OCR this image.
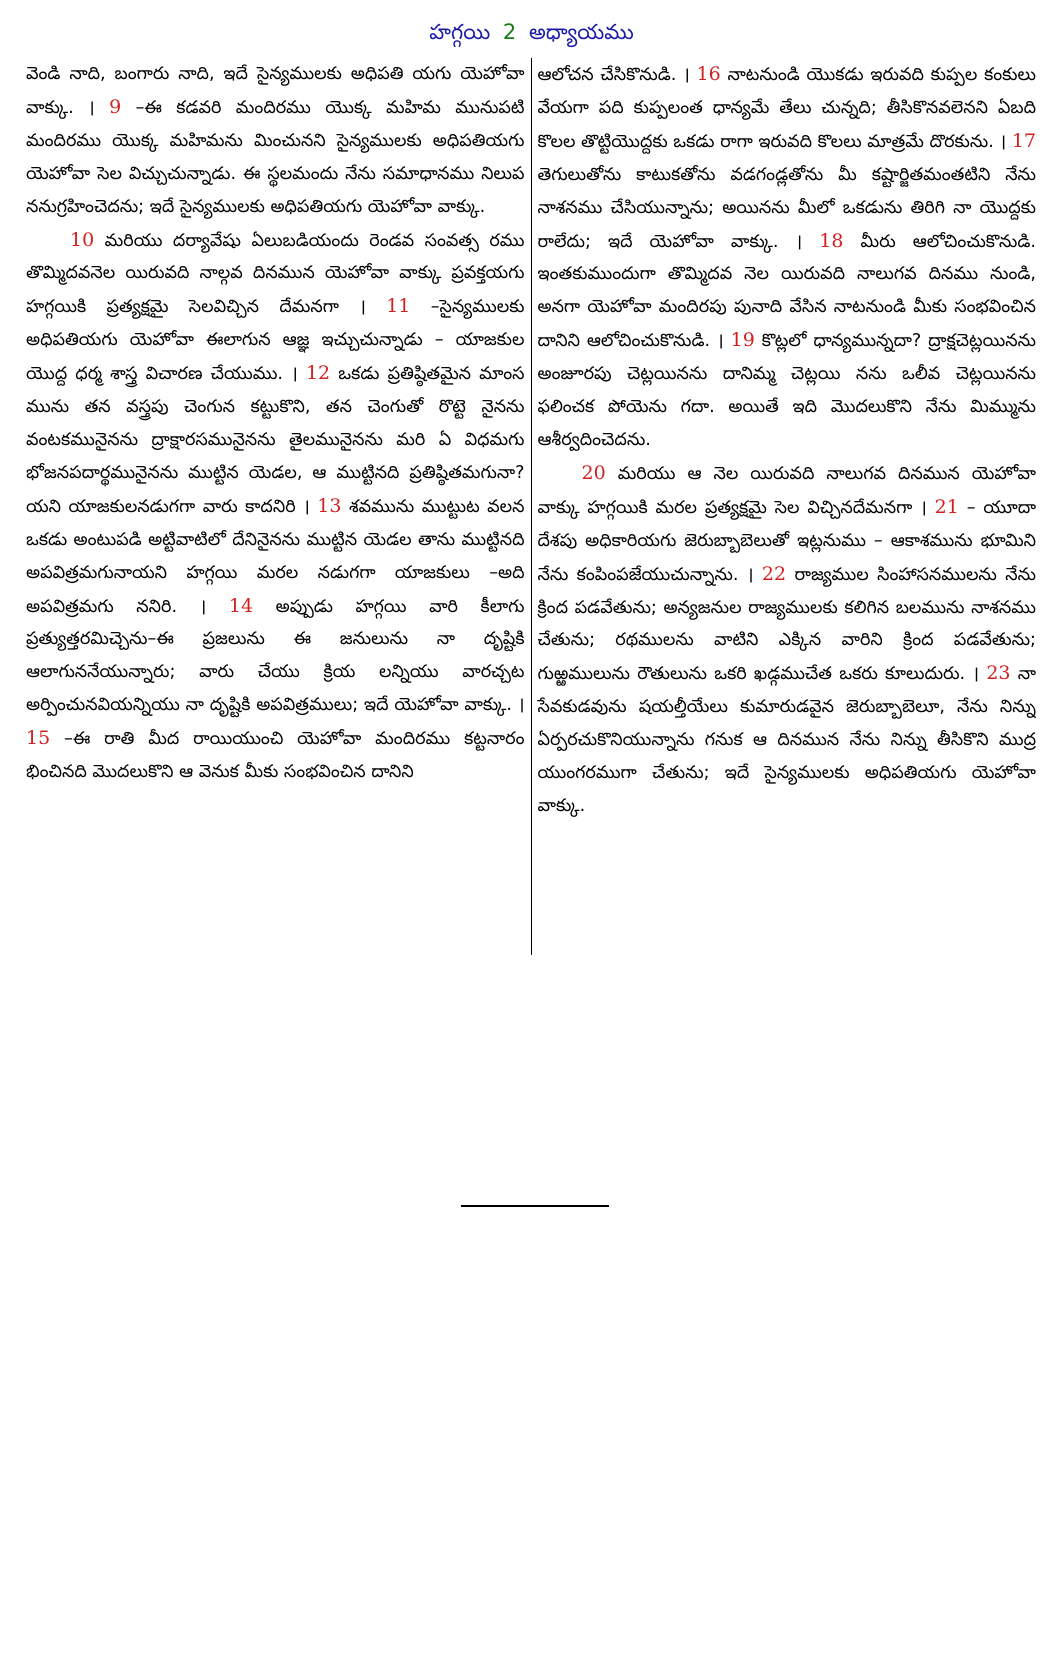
హగ్గయి 2 అధ్యాయము

వెండి నాది, బంగారు నాది, ఇదే సైన్యములకు అధిపతి యగు యెహోవా వాక్కు. । 9 –ఈ కడవరి మందిరము యొక్క మహిమ మునుపటి మందిరము యొక్క మహిమను మించునని సైన్యములకు అధిపతియగు యెహోవా సెల విచ్చుచున్నాడు. ఈ స్థలమందు నేను సమాధానము నిలుప ననుగ్రహించెదను; ఇదే సైన్యములకు అధిపతియగు యెహోవా వాక్కు.

10 మరియు దర్యావేషు ఏలుబడియందు రెండవ సంవత్స రము తొమ్మిదవనెల యిరువది నాల్గవ దినమున యెహోవా వాక్కు ప్రవక్తయగు హగ్గయికి ప్రత్యక్షమై సెలవిచ్చిన దేమనగా । 11 –సైన్యములకు అధిపతియగు యెహోవా ఈలాగున ఆజ్ఞ ఇచ్చుచున్నాడు – యాజకుల యొద్ద ధర్మ శాస్త్ర విచారణ చేయుము. । 12 ఒకడు ప్రతిష్ఠితమైన మాంస మును తన వస్త్రపు చెంగున కట్టుకొని, తన చెంగుతో రొట్టె నైనను వంటకమునైనను ద్రాక్షారసమునైనను తైలమునైనను మరి ఏ విధమగు భోజనపదార్థమునైనను ముట్టిన యెడల, ఆ ముట్టినది ప్రతిష్ఠితమగునా? యని యాజకులనడుగగా వారు కాదనిరి । 13 శవమును ముట్టుట వలన ఒకడు అంటుపడి అట్టివాటిలో దేనినైనను ముట్టిన యెడల తాను ముట్టినది అపవిత్రమగునాయని హగ్గయి మరల నడుగగా యాజకులు –అది అపవిత్రమగు ననిరి. । 14 అప్పుడు హగ్గయి వారి కీలాగు ప్రత్యుత్తరమిచ్చెను–ఈ ప్రజలును ఈ జనులును నా దృష్టికి ఆలాగుననేయున్నారు; వారు చేయు క్రియ లన్నియు వారచ్చట అర్పించునవియన్నియు నా దృష్టికి అపవిత్రములు; ఇదే యెహోవా వాక్కు. । 15 –ఈ రాతి మీద రాయియుంచి యెహోవా మందిరము కట్టనారం భించినది మొదలుకొని ఆ వెనుక మీకు సంభవించిన దానిని

ఆలోచన చేసికొనుడి. । 16 నాటనుండి యొకడు ఇరువది కుప్పల కంకులు వేయగా పది కుప్పలంత ధాన్యమే తేలు చున్నది; తీసికొనవలెనని ఏబది కొలల తొట్టియొద్దకు ఒకడు రాగా ఇరువది కొలలు మాత్రమే దొరకును. । 17 తెగులుతోను కాటుకతోను వడగండ్లతోను మీ కష్టార్జితమంతటిని నేను నాశనము చేసియున్నాను; అయినను మీలో ఒకడును తిరిగి నా యొద్దకు రాలేదు; ఇదే యెహోవా వాక్కు. । 18 మీరు ఆలోచించుకొనుడి. ఇంతకుముందుగా తొమ్మిదవ నెల యిరువది నాలుగవ దినము నుండి, అనగా యెహోవా మందిరపు పునాది వేసిన నాటనుండి మీకు సంభవించిన దానిని ఆలోచించుకొనుడి. । 19 కొట్లలో ధాన్యమున్నదా? ద్రాక్షచెట్లయినను అంజూరపు చెట్లయినను దానిమ్మ చెట్లయి నను ఒలీవ చెట్లయినను ఫలించక పోయెను గదా. అయితే ఇది మొదలుకొని నేను మిమ్మును ఆశీర్వదించెదను.

20 మరియు ఆ నెల యిరువది నాలుగవ దినమున యెహోవా వాక్కు హగ్గయికి మరల ప్రత్యక్షమై సెల విచ్చినదేమనగా । 21 – యూదా దేశపు అధికారియగు జెరుబ్బాబెలుతో ఇట్లనుము – ఆకాశమును భూమిని నేను కంపింపజేయుచున్నాను. । 22 రాజ్యముల సింహాసనములను నేను క్రింద పడవేతును; అన్యజనుల రాజ్యములకు కలిగిన బలమును నాశనము చేతును; రథములను వాటిని ఎక్కిన వారిని క్రింద పడవేతును; గుఱ్ఱములును రౌతులును ఒకరి ఖడ్గముచేత ఒకరు కూలుదురు. । 23 నా సేవకుడవును షయల్తీయేలు కుమారుడవైన జెరుబ్బాబెలూ, నేను నిన్ను ఏర్పరచుకొనియున్నాను గనుక ఆ దినమున నేను నిన్ను తీసికొని ముద్ర యుంగరముగా చేతును; ఇదే సైన్యములకు అధిపతియగు యెహోవా వాక్కు.
